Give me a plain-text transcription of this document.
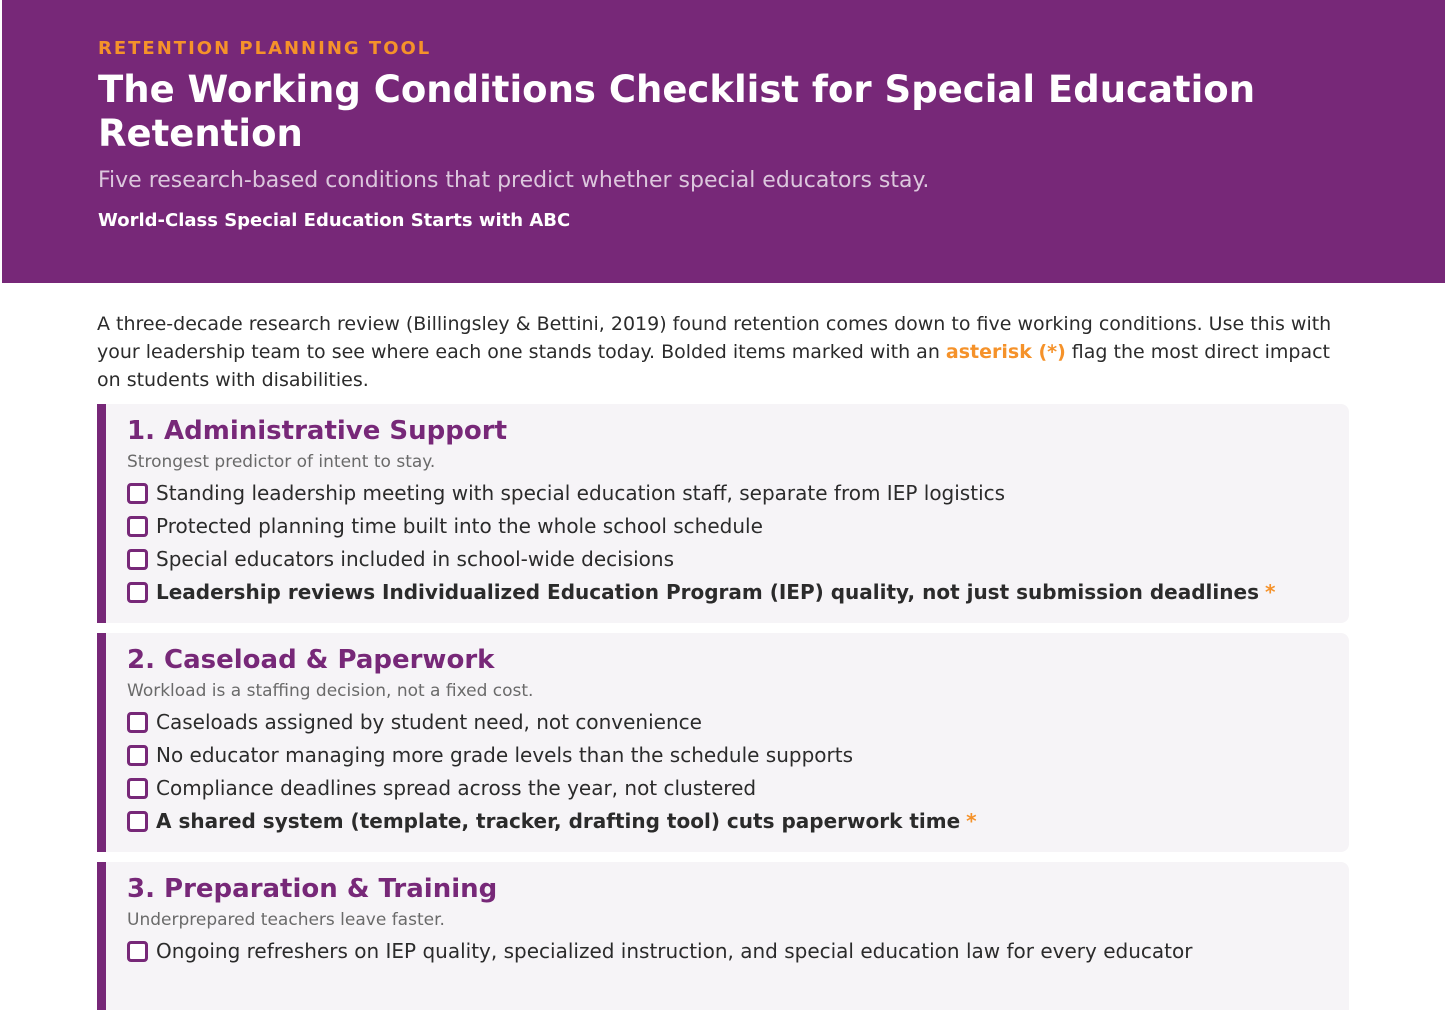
RETENTION PLANNING TOOL
The Working Conditions Checklist for Special Education Retention
Five research-based conditions that predict whether special educators stay.
World-Class Special Education Starts with ABC
A three-decade research review (Billingsley & Bettini, 2019) found retention comes down to five working conditions. Use this with your leadership team to see where each one stands today. Bolded items marked with an asterisk (*) flag the most direct impact on students with disabilities.
1. Administrative Support
Strongest predictor of intent to stay.
Standing leadership meeting with special education staff, separate from IEP logistics
Protected planning time built into the whole school schedule
Special educators included in school-wide decisions
Leadership reviews Individualized Education Program (IEP) quality, not just submission deadlines *
2. Caseload & Paperwork
Workload is a staffing decision, not a fixed cost.
Caseloads assigned by student need, not convenience
No educator managing more grade levels than the schedule supports
Compliance deadlines spread across the year, not clustered
A shared system (template, tracker, drafting tool) cuts paperwork time *
3. Preparation & Training
Underprepared teachers leave faster.
Ongoing refreshers on IEP quality, specialized instruction, and special education law for every educator
